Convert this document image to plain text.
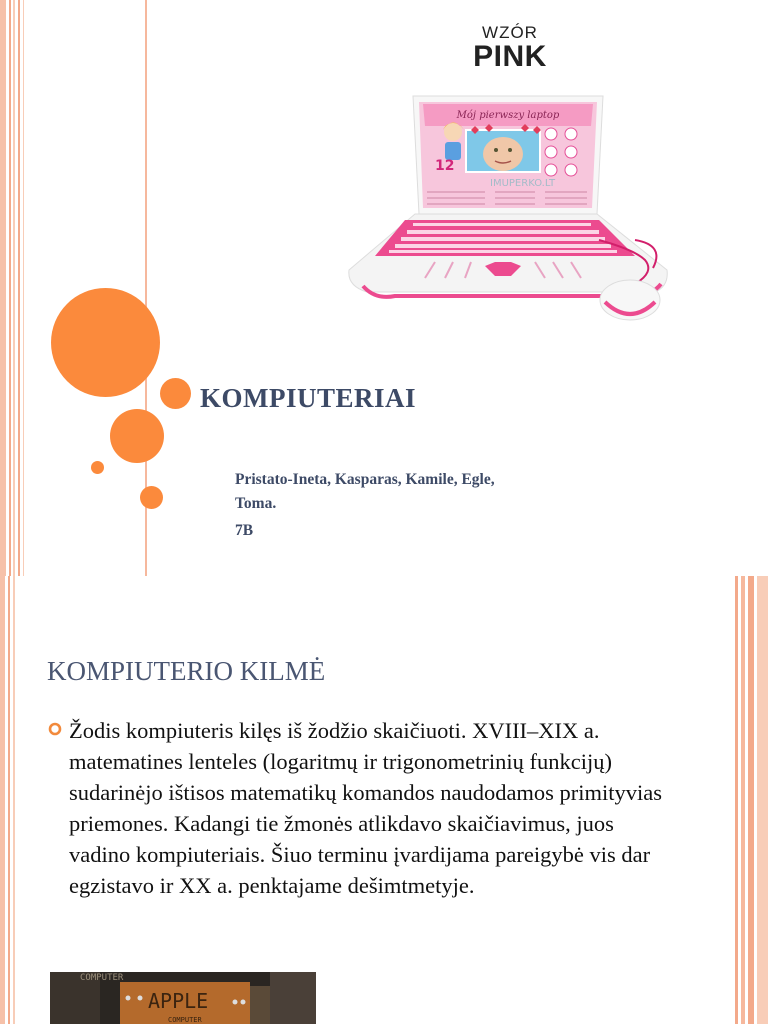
WZÓR
PINK
Mój pierwszy laptop
12
IMUPERKO.LT
KOMPIUTERIAI
Pristato-Ineta, Kasparas, Kamile, Egle, Toma.
7B
KOMPIUTERIO KILMĖ
Žodis kompiuteris kilęs iš žodžio skaičiuoti. XVIII–XIX a. matematines lenteles (logaritmų ir trigonometrinių funkcijų) sudarinėjo ištisos matematikų komandos naudodamos primityvias priemones. Kadangi tie žmonės atlikdavo skaičiavimus, juos vadino kompiuteriais. Šiuo terminu įvardijama pareigybė vis dar egzistavo ir XX a. penktajame dešimtmetyje.
COMPUTER
APPLE
COMPUTER
